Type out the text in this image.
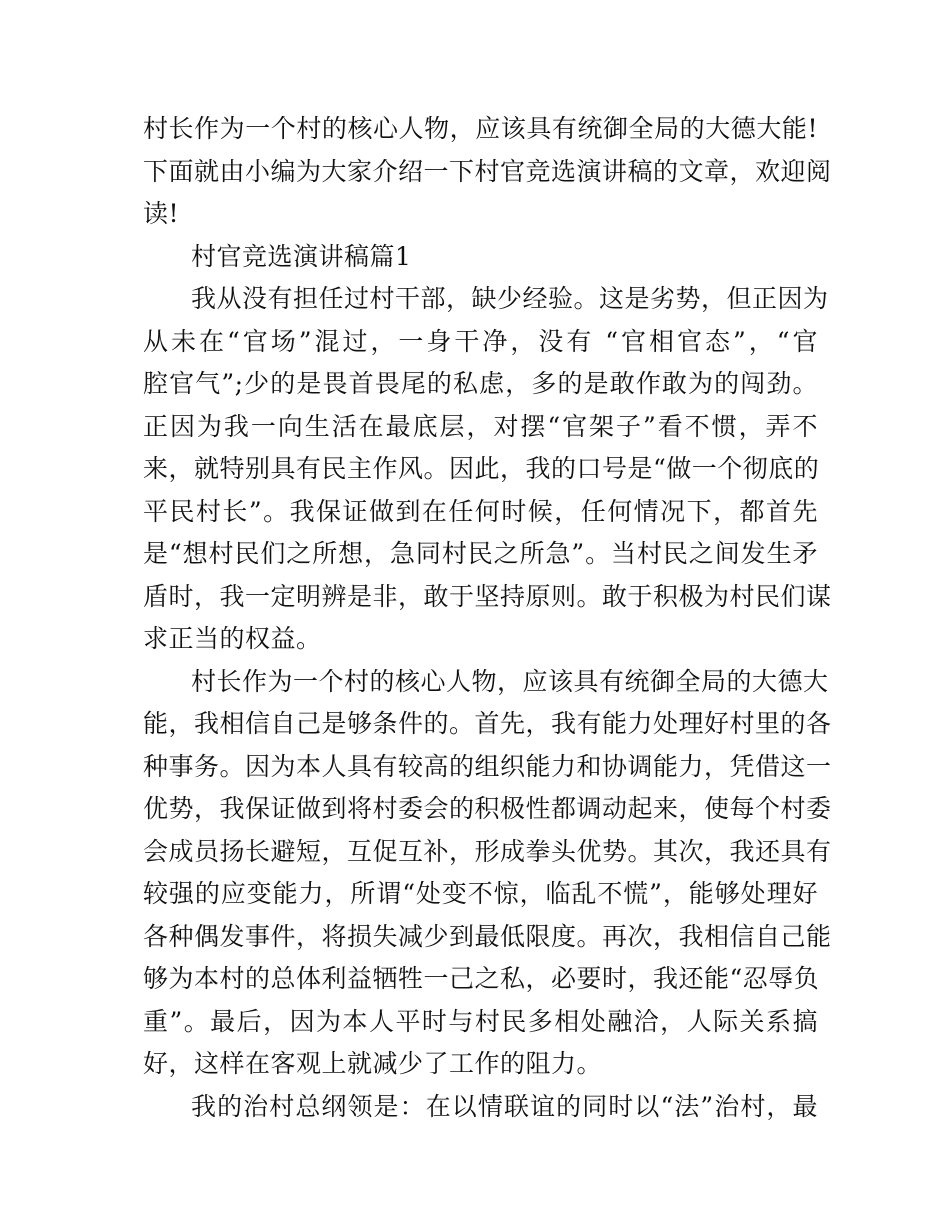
村长作为一个村的核心人物，应该具有统御全局的大德大能!
下面就由小编为大家介绍一下村官竞选演讲稿的文章，欢迎阅
读!
村官竞选演讲稿篇1
我从没有担任过村干部，缺少经验。这是劣势，但正因为
从未在“官场”混过，一身干净，没有 “官相官态”，“官
腔官气”;少的是畏首畏尾的私虑，多的是敢作敢为的闯劲。
正因为我一向生活在最底层，对摆“官架子”看不惯，弄不
来，就特别具有民主作风。因此，我的口号是“做一个彻底的
平民村长”。我保证做到在任何时候，任何情况下，都首先
是“想村民们之所想，急同村民之所急”。当村民之间发生矛
盾时，我一定明辨是非，敢于坚持原则。敢于积极为村民们谋
求正当的权益。
村长作为一个村的核心人物，应该具有统御全局的大德大
能，我相信自己是够条件的。首先，我有能力处理好村里的各
种事务。因为本人具有较高的组织能力和协调能力，凭借这一
优势，我保证做到将村委会的积极性都调动起来，使每个村委
会成员扬长避短，互促互补，形成拳头优势。其次，我还具有
较强的应变能力，所谓“处变不惊，临乱不慌”，能够处理好
各种偶发事件，将损失减少到最低限度。再次，我相信自己能
够为本村的总体利益牺牲一己之私，必要时，我还能“忍辱负
重”。最后，因为本人平时与村民多相处融洽，人际关系搞
好，这样在客观上就减少了工作的阻力。
我的治村总纲领是：在以情联谊的同时以“法”治村，最
